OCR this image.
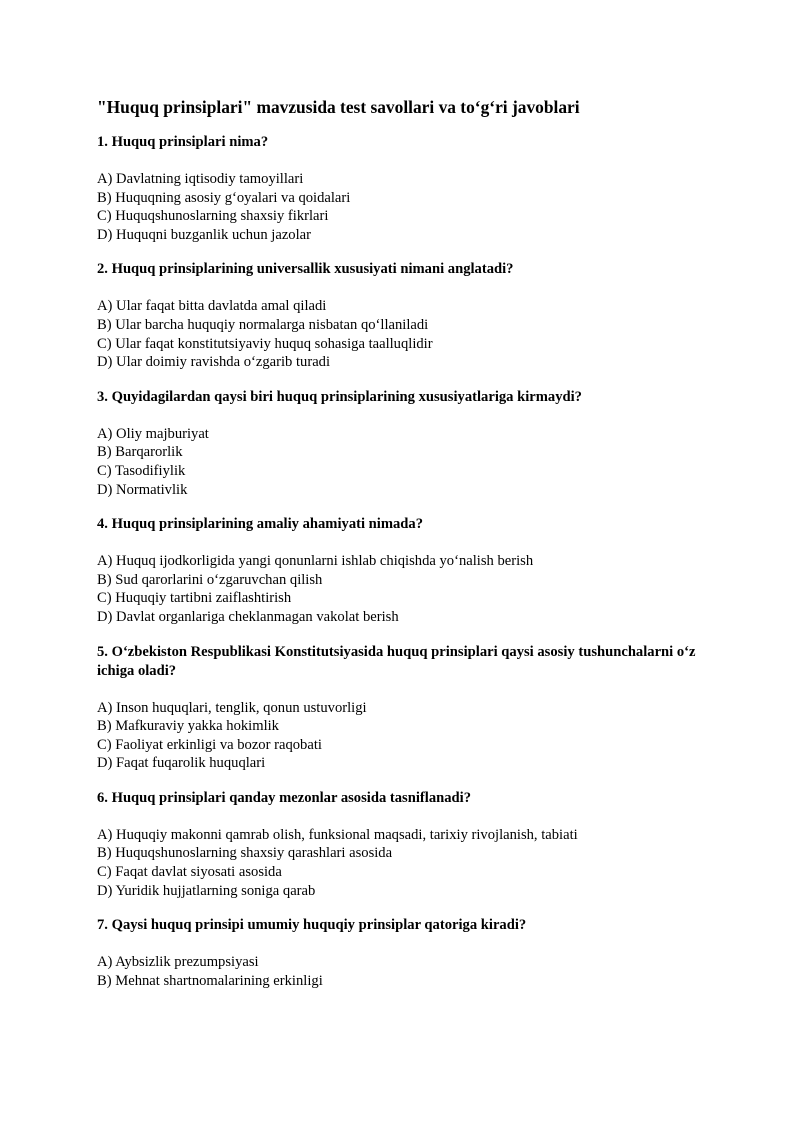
"Huquq prinsiplari" mavzusida test savollari va to‘g‘ri javoblari

1. Huquq prinsiplari nima?

A) Davlatning iqtisodiy tamoyillari
B) Huquqning asosiy g‘oyalari va qoidalari
C) Huquqshunoslarning shaxsiy fikrlari
D) Huquqni buzganlik uchun jazolar

2. Huquq prinsiplarining universallik xususiyati nimani anglatadi?

A) Ular faqat bitta davlatda amal qiladi
B) Ular barcha huquqiy normalarga nisbatan qo‘llaniladi
C) Ular faqat konstitutsiyaviy huquq sohasiga taalluqlidir
D) Ular doimiy ravishda o‘zgarib turadi

3. Quyidagilardan qaysi biri huquq prinsiplarining xususiyatlariga kirmaydi?

A) Oliy majburiyat
B) Barqarorlik
C) Tasodifiylik
D) Normativlik

4. Huquq prinsiplarining amaliy ahamiyati nimada?

A) Huquq ijodkorligida yangi qonunlarni ishlab chiqishda yo‘nalish berish
B) Sud qarorlarini o‘zgaruvchan qilish
C) Huquqiy tartibni zaiflashtirish
D) Davlat organlariga cheklanmagan vakolat berish

5. O‘zbekiston Respublikasi Konstitutsiyasida huquq prinsiplari qaysi asosiy tushunchalarni o‘z ichiga oladi?

A) Inson huquqlari, tenglik, qonun ustuvorligi
B) Mafkuraviy yakka hokimlik
C) Faoliyat erkinligi va bozor raqobati
D) Faqat fuqarolik huquqlari

6. Huquq prinsiplari qanday mezonlar asosida tasniflanadi?

A) Huquqiy makonni qamrab olish, funksional maqsadi, tarixiy rivojlanish, tabiati
B) Huquqshunoslarning shaxsiy qarashlari asosida
C) Faqat davlat siyosati asosida
D) Yuridik hujjatlarning soniga qarab

7. Qaysi huquq prinsipi umumiy huquqiy prinsiplar qatoriga kiradi?

A) Aybsizlik prezumpsiyasi
B) Mehnat shartnomalarining erkinligi
